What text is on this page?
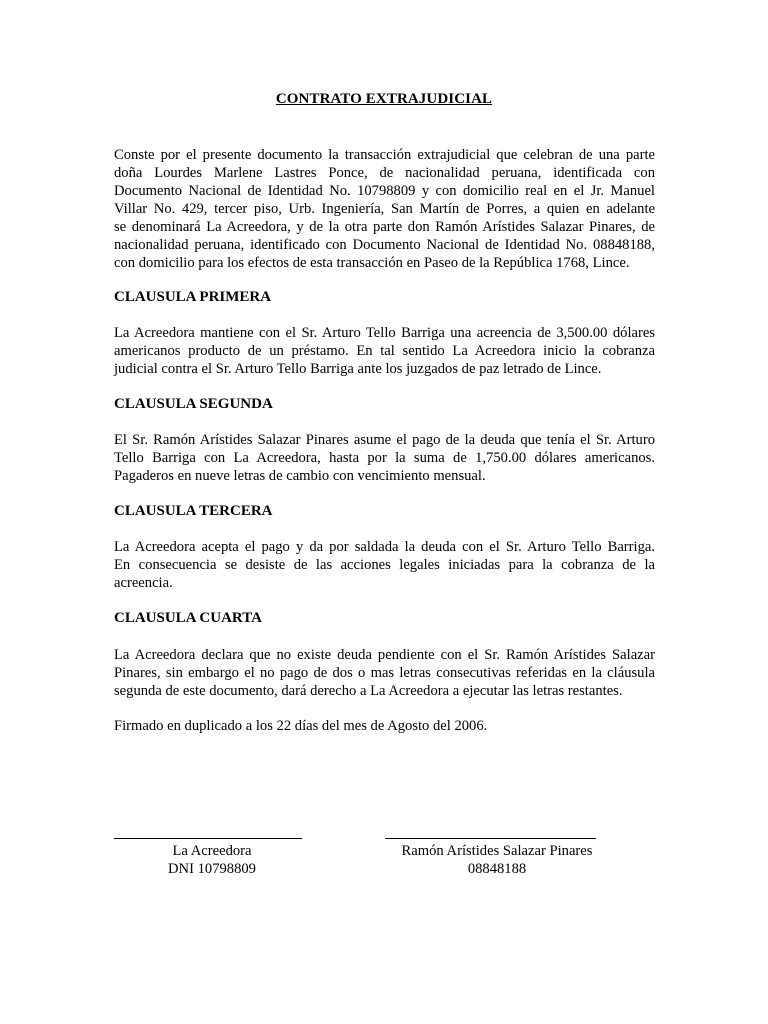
CONTRATO EXTRAJUDICIAL
Conste por el presente documento la transacción extrajudicial que celebran de una parte
doña Lourdes Marlene Lastres Ponce, de nacionalidad peruana, identificada con
Documento Nacional de Identidad No. 10798809 y con domicilio real en el Jr. Manuel
Villar No. 429, tercer piso, Urb. Ingeniería, San Martín de Porres, a quien en adelante
se denominará La Acreedora, y de la otra parte don Ramón Arístides Salazar Pinares, de
nacionalidad peruana, identificado con Documento Nacional de Identidad No. 08848188,
con domicilio para los efectos de esta transacción en Paseo de la República 1768, Lince.
CLAUSULA PRIMERA
La Acreedora mantiene con el Sr. Arturo Tello Barriga una acreencia de 3,500.00 dólares
americanos producto de un préstamo. En tal sentido La Acreedora inicio la cobranza
judicial contra el Sr. Arturo Tello Barriga ante los juzgados de paz letrado de Lince.
CLAUSULA SEGUNDA
El Sr. Ramón Arístides Salazar Pinares asume el pago de la deuda que tenía el Sr. Arturo
Tello Barriga con La Acreedora, hasta por la suma de 1,750.00 dólares americanos.
Pagaderos en nueve letras de cambio con vencimiento mensual.
CLAUSULA TERCERA
La Acreedora acepta el pago y da por saldada la deuda con el Sr. Arturo Tello Barriga.
En consecuencia se desiste de las acciones legales iniciadas para la cobranza de la
acreencia.
CLAUSULA CUARTA
La Acreedora declara que no existe deuda pendiente con el Sr. Ramón Arístides Salazar
Pinares, sin embargo el no pago de dos o mas letras consecutivas referidas en la cláusula
segunda de este documento, dará derecho a La Acreedora a ejecutar las letras restantes.
Firmado en duplicado a los 22 días del mes de Agosto del 2006.
La Acreedora
DNI 10798809
Ramón Arístides Salazar Pinares
08848188
